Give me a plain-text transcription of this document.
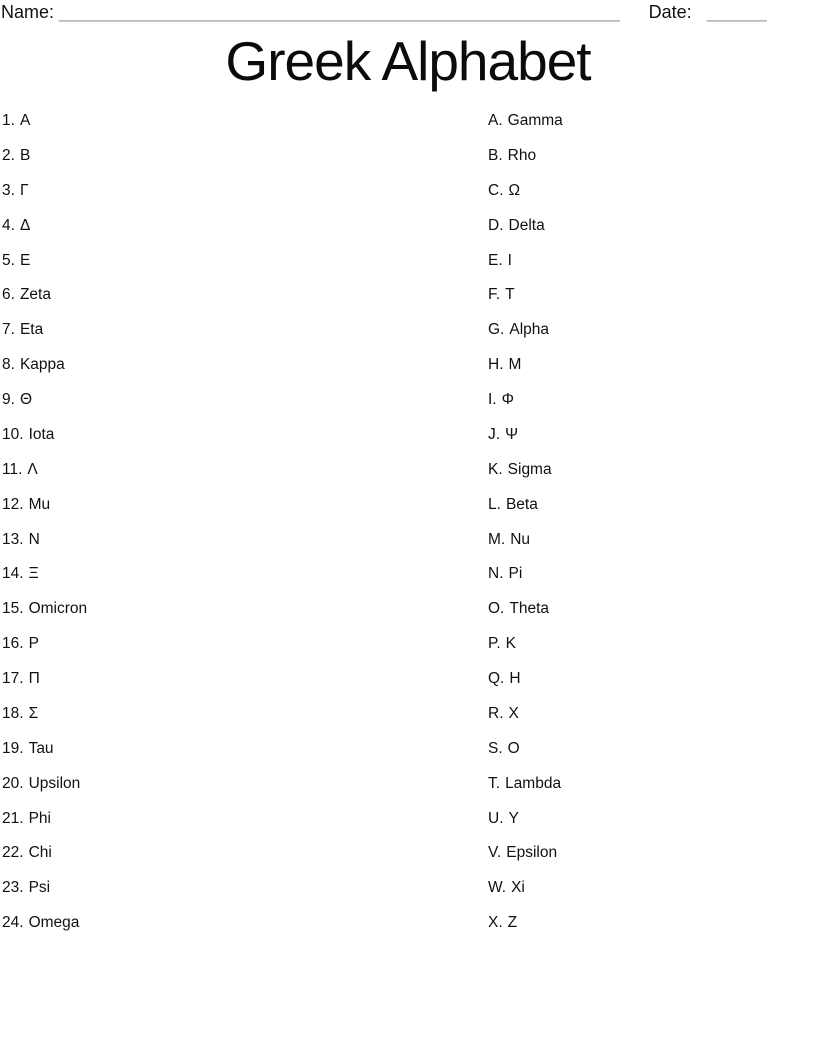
Name: ________________________________________________________ Date: ______
Greek Alphabet
1. Α
2. Β
3. Γ
4. Δ
5. Ε
6. Zeta
7. Eta
8. Kappa
9. Θ
10. Iota
11. Λ
12. Mu
13. Ν
14. Ξ
15. Omicron
16. Ρ
17. Π
18. Σ
19. Tau
20. Upsilon
21. Phi
22. Chi
23. Psi
24. Omega
A. Gamma
B. Rho
C. Ω
D. Delta
E. Ι
F. Τ
G. Alpha
H. Μ
I. Φ
J. Ψ
K. Sigma
L. Beta
M. Nu
N. Pi
O. Theta
P. Κ
Q. Η
R. Χ
S. Ο
T. Lambda
U. Υ
V. Epsilon
W. Xi
X. Ζ
